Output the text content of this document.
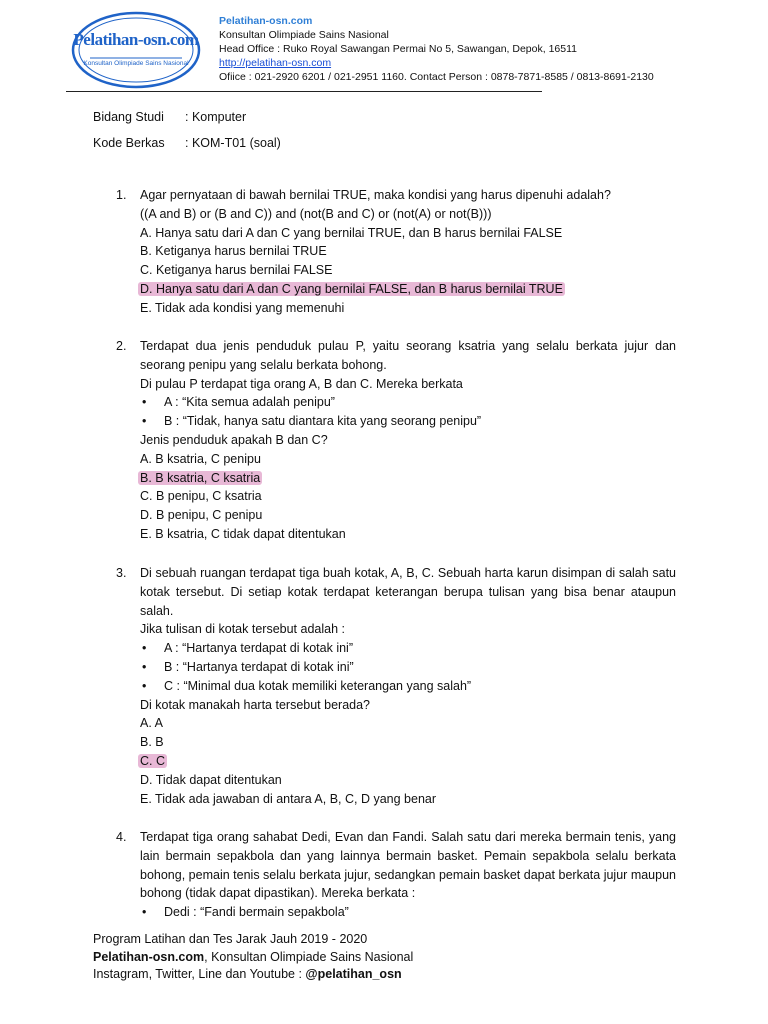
Pelatihan-osn.com
Konsultan Olimpiade Sains Nasional
Pelatihan-osn.com
Konsultan Olimpiade Sains Nasional
Head Office : Ruko Royal Sawangan Permai No 5, Sawangan, Depok, 16511
http://pelatihan-osn.com
Ofiice : 021-2920 6201 / 021-2951 1160. Contact Person : 0878-7871-8585 / 0813-8691-2130
Bidang Studi : Komputer
Kode Berkas : KOM-T01 (soal)
1. Agar pernyataan di bawah bernilai TRUE, maka kondisi yang harus dipenuhi adalah?
((A and B) or (B and C)) and (not(B and C) or (not(A) or not(B)))
A. Hanya satu dari A dan C yang bernilai TRUE, dan B harus bernilai FALSE
B. Ketiganya harus bernilai TRUE
C. Ketiganya harus bernilai FALSE
D. Hanya satu dari A dan C yang bernilai FALSE, dan B harus bernilai TRUE
E. Tidak ada kondisi yang memenuhi
2. Terdapat dua jenis penduduk pulau P, yaitu seorang ksatria yang selalu berkata jujur dan seorang penipu yang selalu berkata bohong.
Di pulau P terdapat tiga orang A, B dan C. Mereka berkata
• A : “Kita semua adalah penipu”
• B : “Tidak, hanya satu diantara kita yang seorang penipu”
Jenis penduduk apakah B dan C?
A. B ksatria, C penipu
B. B ksatria, C ksatria
C. B penipu, C ksatria
D. B penipu, C penipu
E. B ksatria, C tidak dapat ditentukan
3. Di sebuah ruangan terdapat tiga buah kotak, A, B, C. Sebuah harta karun disimpan di salah satu kotak tersebut. Di setiap kotak terdapat keterangan berupa tulisan yang bisa benar ataupun salah.
Jika tulisan di kotak tersebut adalah :
• A : “Hartanya terdapat di kotak ini”
• B : “Hartanya terdapat di kotak ini”
• C : “Minimal dua kotak memiliki keterangan yang salah”
Di kotak manakah harta tersebut berada?
A. A
B. B
C. C
D. Tidak dapat ditentukan
E. Tidak ada jawaban di antara A, B, C, D yang benar
4. Terdapat tiga orang sahabat Dedi, Evan dan Fandi. Salah satu dari mereka bermain tenis, yang lain bermain sepakbola dan yang lainnya bermain basket. Pemain sepakbola selalu berkata bohong, pemain tenis selalu berkata jujur, sedangkan pemain basket dapat berkata jujur maupun bohong (tidak dapat dipastikan). Mereka berkata :
• Dedi : “Fandi bermain sepakbola”
Program Latihan dan Tes Jarak Jauh 2019 - 2020
Pelatihan-osn.com, Konsultan Olimpiade Sains Nasional
Instagram, Twitter, Line dan Youtube : @pelatihan_osn
